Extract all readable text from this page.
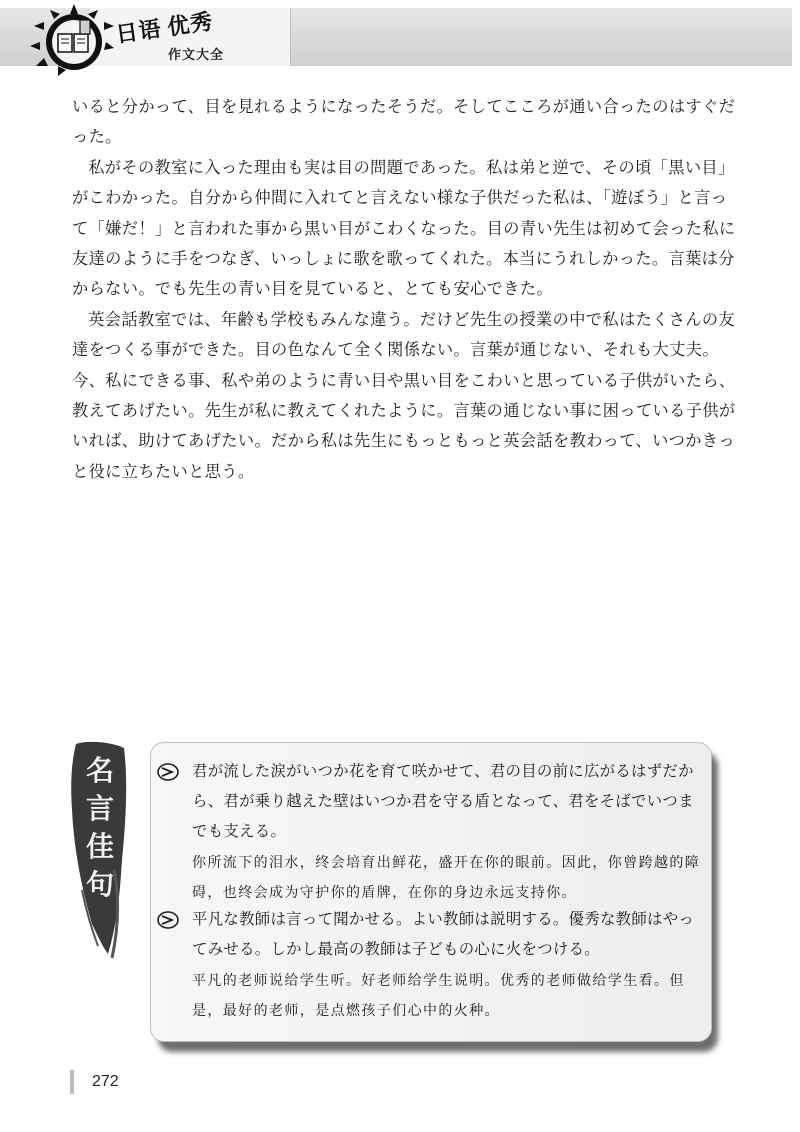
日语 优秀
作文大全

いると分かって、目を見れるようになったそうだ。そしてこころが通い合ったのはすぐだった。

私がその教室に入った理由も実は目の問題であった。私は弟と逆で、その頃「黒い目」がこわかった。自分から仲間に入れてと言えない様な子供だった私は、「遊ぼう」と言って「嫌だ！」と言われた事から黒い目がこわくなった。目の青い先生は初めて会った私に友達のように手をつなぎ、いっしょに歌を歌ってくれた。本当にうれしかった。言葉は分からない。でも先生の青い目を見ていると、とても安心できた。

英会話教室では、年齢も学校もみんな違う。だけど先生の授業の中で私はたくさんの友達をつくる事ができた。目の色なんて全く関係ない。言葉が通じない、それも大丈夫。今、私にできる事、私や弟のように青い目や黒い目をこわいと思っている子供がいたら、教えてあげたい。先生が私に教えてくれたように。言葉の通じない事に困っている子供がいれば、助けてあげたい。だから私は先生にもっともっと英会話を教わって、いつかきっと役に立ちたいと思う。

名言佳句
君が流した涙がいつか花を育て咲かせて、君の目の前に広がるはずだから、君が乗り越えた壁はいつか君を守る盾となって、君をそばでいつまでも支える。
你所流下的泪水，终会培育出鲜花，盛开在你的眼前。因此，你曾跨越的障碍，也终会成为守护你的盾牌，在你的身边永远支持你。
平凡な教師は言って聞かせる。よい教師は説明する。優秀な教師はやってみせる。しかし最高の教師は子どもの心に火をつける。
平凡的老师说给学生听。好老师给学生说明。优秀的老师做给学生看。但是，最好的老师，是点燃孩子们心中的火种。
272
